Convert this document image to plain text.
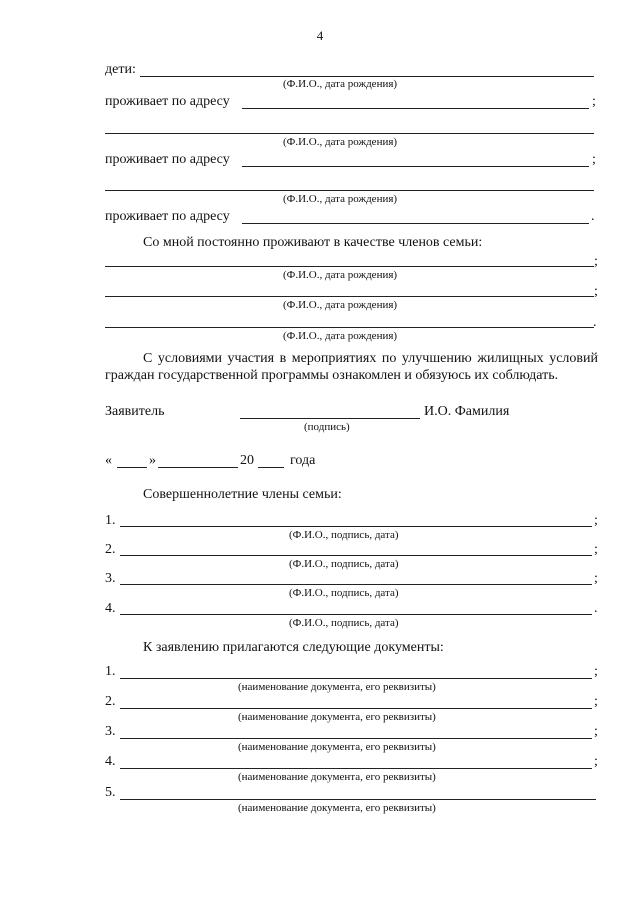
4
дети:
(Ф.И.О., дата рождения)
проживает по адресу	;
(Ф.И.О., дата рождения)
проживает по адресу	;
(Ф.И.О., дата рождения)
проживает по адресу	.
Со мной постоянно проживают в качестве членов семьи:
;
(Ф.И.О., дата рождения)
;
(Ф.И.О., дата рождения)
.
(Ф.И.О., дата рождения)
С условиями участия в мероприятиях по улучшению жилищных условий граждан государственной программы ознакомлен и обязуюсь их соблюдать.
Заявитель	И.О. Фамилия
(подпись)
«	»	20	года
Совершеннолетние члены семьи:
1.	;
(Ф.И.О., подпись, дата)
2.	;
(Ф.И.О., подпись, дата)
3.	;
(Ф.И.О., подпись, дата)
4.	.
(Ф.И.О., подпись, дата)
К заявлению прилагаются следующие документы:
1.	;
(наименование документа, его реквизиты)
2.	;
(наименование документа, его реквизиты)
3.	;
(наименование документа, его реквизиты)
4.	;
(наименование документа, его реквизиты)
5.
(наименование документа, его реквизиты)
